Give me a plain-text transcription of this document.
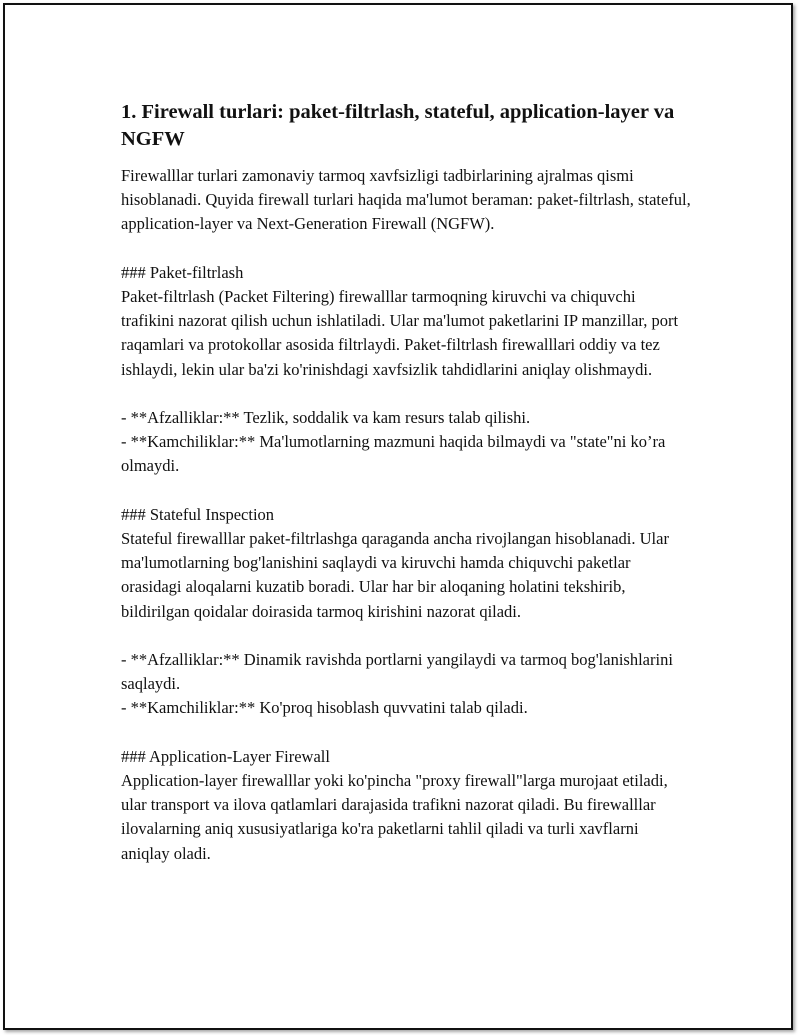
1. Firewall turlari: paket-filtrlash, stateful, application-layer va NGFW

Firewalllar turlari zamonaviy tarmoq xavfsizligi tadbirlarining ajralmas qismi hisoblanadi. Quyida firewall turlari haqida ma'lumot beraman: paket-filtrlash, stateful, application-layer va Next-Generation Firewall (NGFW).

### Paket-filtrlash

Paket-filtrlash (Packet Filtering) firewalllar tarmoqning kiruvchi va chiquvchi trafikini nazorat qilish uchun ishlatiladi. Ular ma'lumot paketlarini IP manzillar, port raqamlari va protokollar asosida filtrlaydi. Paket-filtrlash firewalllari oddiy va tez ishlaydi, lekin ular ba'zi ko'rinishdagi xavfsizlik tahdidlarini aniqlay olishmaydi.

- **Afzalliklar:** Tezlik, soddalik va kam resurs talab qilishi.

- **Kamchiliklar:** Ma'lumotlarning mazmuni haqida bilmaydi va "state"ni ko’ra olmaydi.

### Stateful Inspection

Stateful firewalllar paket-filtrlashga qaraganda ancha rivojlangan hisoblanadi. Ular ma'lumotlarning bog'lanishini saqlaydi va kiruvchi hamda chiquvchi paketlar orasidagi aloqalarni kuzatib boradi. Ular har bir aloqaning holatini tekshirib, bildirilgan qoidalar doirasida tarmoq kirishini nazorat qiladi.

- **Afzalliklar:** Dinamik ravishda portlarni yangilaydi va tarmoq bog'lanishlarini saqlaydi.

- **Kamchiliklar:** Ko'proq hisoblash quvvatini talab qiladi.

### Application-Layer Firewall

Application-layer firewalllar yoki ko'pincha "proxy firewall"larga murojaat etiladi, ular transport va ilova qatlamlari darajasida trafikni nazorat qiladi. Bu firewalllar ilovalarning aniq xususiyatlariga ko'ra paketlarni tahlil qiladi va turli xavflarni aniqlay oladi.
